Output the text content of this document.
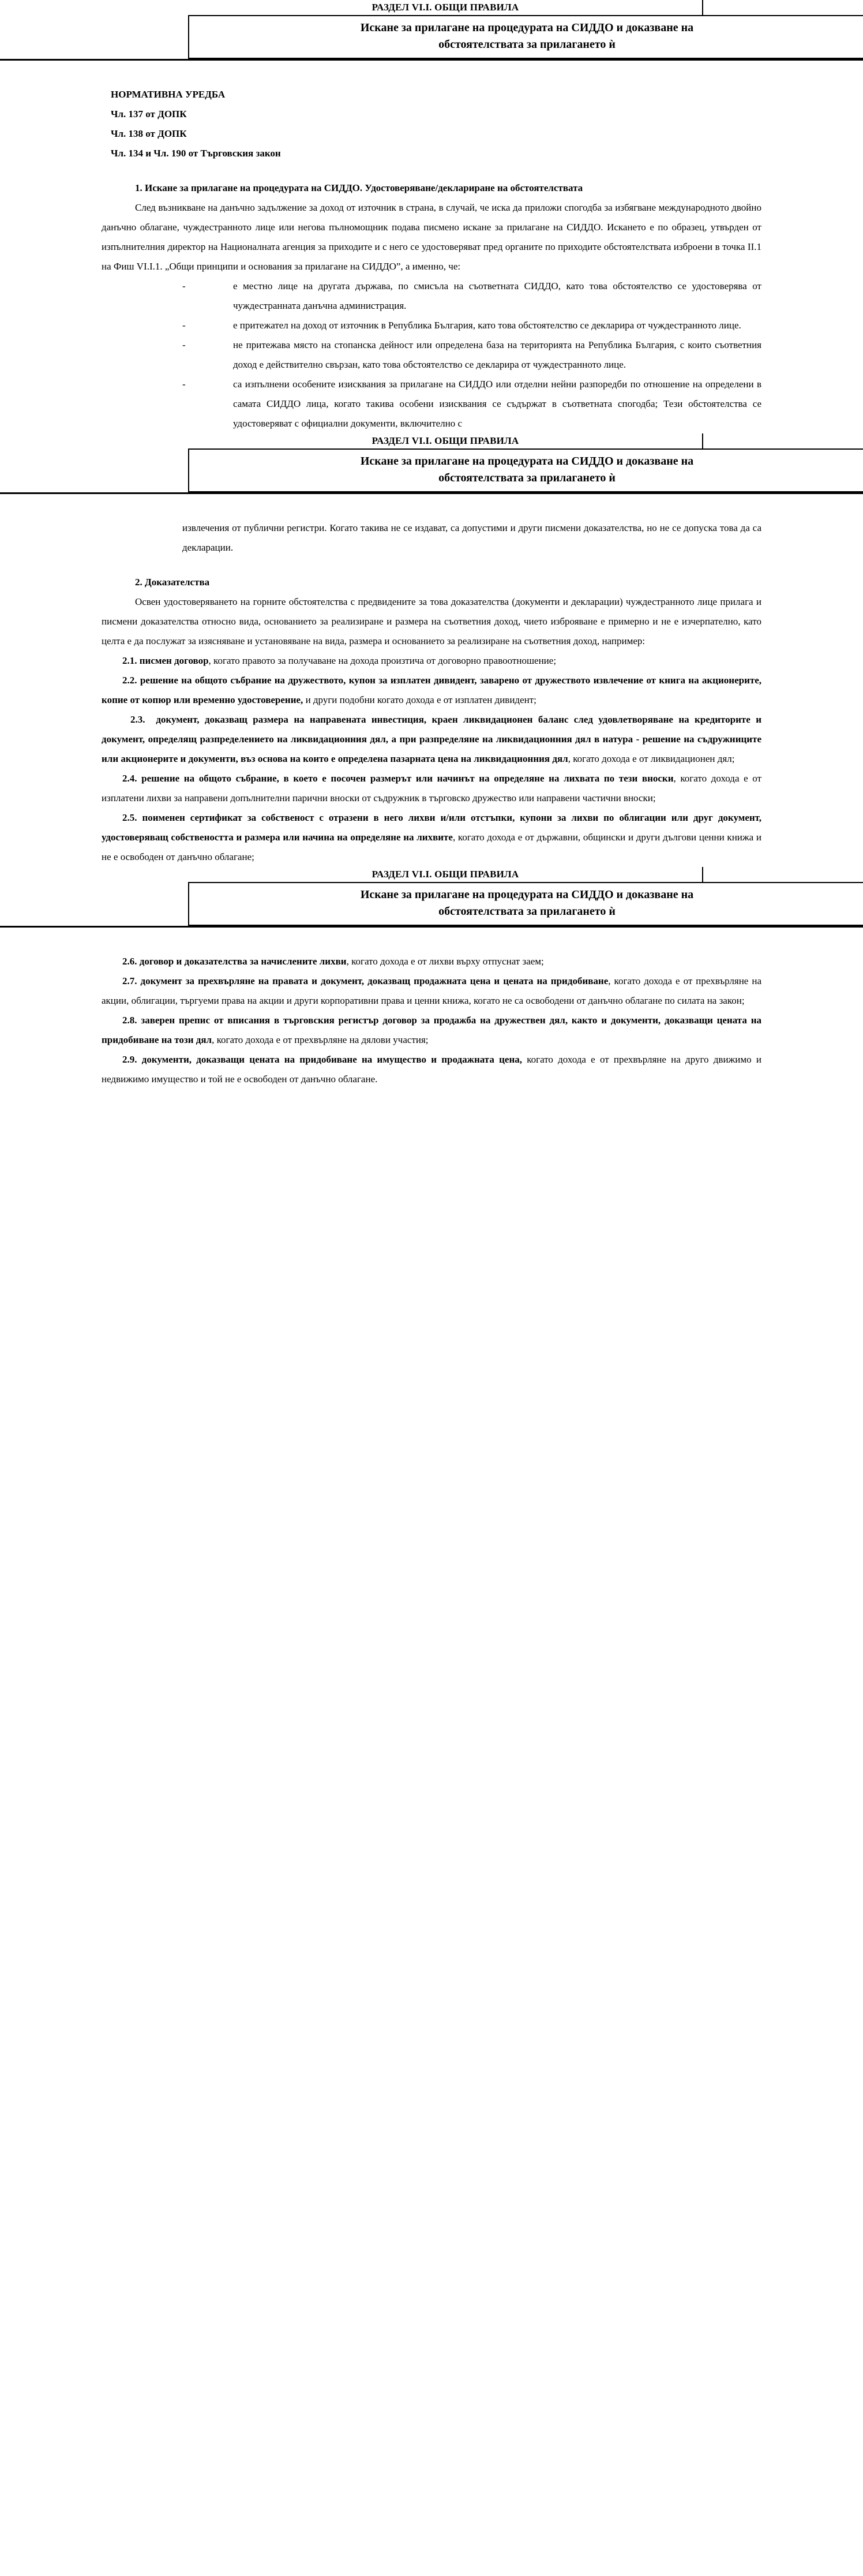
РАЗДЕЛ VI.I. ОБЩИ ПРАВИЛА	

Искане за прилагане на процедурата на СИДДО и доказване на
обстоятелствата за прилагането ѝ
НОРМАТИВНА УРЕДБА
Чл. 137 от ДОПК
Чл. 138 от ДОПК
Чл. 134 и Чл. 190 от Търговския закон

1. Искане за прилагане на процедурата на СИДДО. Удостоверяване/деклариране на обстоятелствата

След възникване на данъчно задължение за доход от източник в страна, в случай, че иска да приложи спогодба за избягване международното двойно данъчно облагане, чуждестранното лице или негова пълномощник подава писмено искане за прилагане на СИДДО. Искането е по образец, утвърден от изпълнителния директор на Националната агенция за приходите и с него се удостоверяват пред органите по приходите обстоятелствата изброени в точка II.1 на Фиш VI.I.1. „Общи принципи и основания за прилагане на СИДДО”, а именно, че:

-	е местно лице на другата държава, по смисъла на съответната СИДДО, като това обстоятелство се удостоверява от чуждестранната данъчна администрация.
-	е притежател на доход от източник в Република България, като това обстоятелство се декларира от чуждестранното лице.
-	не притежава място на стопанска дейност или определена база на територията на Република България, с които съответния доход е действително свързан, като това обстоятелство се декларира от чуждестранното лице.
-	са изпълнени особените изисквания за прилагане на СИДДО или отделни нейни разпоредби по отношение на определени в самата СИДДО лица, когато такива особени изисквания се съдържат в съответната спогодба; Тези обстоятелства се удостоверяват с официални документи, включително с
РАЗДЕЛ VI.I. ОБЩИ ПРАВИЛА	

Искане за прилагане на процедурата на СИДДО и доказване на
обстоятелствата за прилагането ѝ

извлечения от публични регистри. Когато такива не се издават, са допустими и други писмени доказателства, но не се допуска това да са декларации.

2. Доказателства

Освен удостоверяването на горните обстоятелства с предвидените за това доказателства (документи и декларации) чуждестранното лице прилага и писмени доказателства относно вида, основанието за реализиране и размера на съответния доход, чието изброяване е примерно и не е изчерпателно, като целта е да послужат за изясняване и установяване на вида, размера и основанието за реализиране на съответния доход, например:

2.1. писмен договор, когато правото за получаване на дохода произтича от договорно правоотношение;

2.2. решение на общото събрание на дружеството, купон за изплатен дивидент, заварено от дружеството извлечение от книга на акционерите, копие от копюр или временно удостоверение, и други подобни когато дохода е от изплатен дивидент;

2.3. документ, доказващ размера на направената инвестиция, краен ликвидационен баланс след удовлетворяване на кредиторите и документ, определящ разпределението на ликвидационния дял, а при разпределяне на ликвидационния дял в натура - решение на съдружниците или акционерите и документи, въз основа на които е определена пазарната цена на ликвидационния дял, когато дохода е от ликвидационен дял;

2.4. решение на общото събрание, в което е посочен размерът или начинът на определяне на лихвата по тези вноски, когато дохода е от изплатени лихви за направени допълнителни парични вноски от съдружник в търговско дружество или направени частични вноски;

2.5. поименен сертификат за собственост с отразени в него лихви и/или отстъпки, купони за лихви по облигации или друг документ, удостоверяващ собствеността и размера или начина на определяне на лихвите, когато дохода е от държавни, общински и други дългови ценни книжа и не е освободен от данъчно облагане;

РАЗДЕЛ VI.I. ОБЩИ ПРАВИЛА	

Искане за прилагане на процедурата на СИДДО и доказване на
обстоятелствата за прилагането ѝ

2.6. договор и доказателства за начислените лихви, когато дохода е от лихви върху отпуснат заем;

2.7. документ за прехвърляне на правата и документ, доказващ продажната цена и цената на придобиване, когато дохода е от прехвърляне на акции, облигации, търгуеми права на акции и други корпоративни права и ценни книжа, когато не са освободени от данъчно облагане по силата на закон;

2.8. заверен препис от вписания в търговския регистър договор за продажба на дружествен дял, както и документи, доказващи цената на придобиване на този дял, когато дохода е от прехвърляне на дялови участия;

2.9. документи, доказващи цената на придобиване на имущество и продажната цена, когато дохода е от прехвърляне на друго движимо и недвижимо имущество и той не е освободен от данъчно облагане.
